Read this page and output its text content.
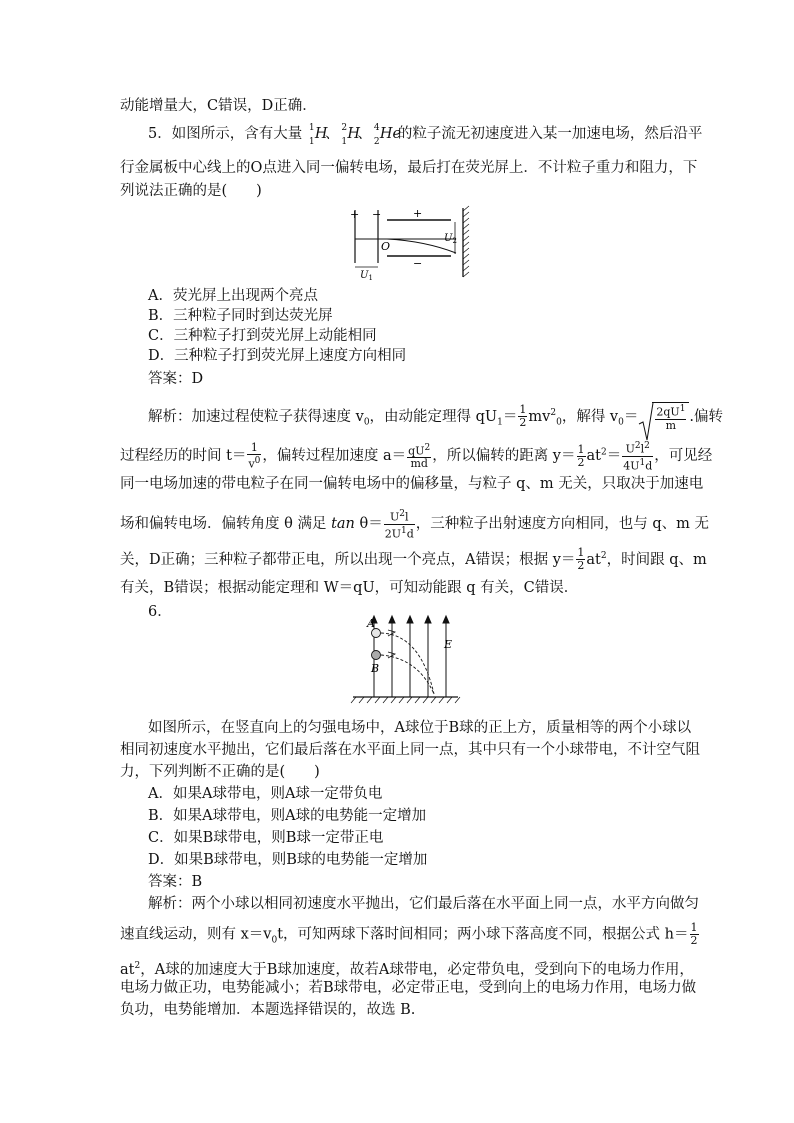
动能增量大，C错误，D正确．
5．如图所示，含有大量 1
1 H
、 2
1 H
、 4
2 He
的粒子流无初速度进入某一加速电场，然后沿平
行金属板中心线上的O点进入同一偏转电场，最后打在荧光屏上．不计粒子重力和阻力，下
列说法正确的是(　　)
+ −	+
−
O
$U_1$
$U_2$
A．荧光屏上出现两个亮点
B．三种粒子同时到达荧光屏
C．三种粒子打到荧光屏上动能相同
D．三种粒子打到荧光屏上速度方向相同
答案：D
解析：加速过程使粒子获得速度 $v_0$，由动能定理得 $qU_1= \frac{1}{2} mv^2_0$，解得 $v_0= \frac{2qU^1}{m}$ .偏转
过程经历的时间 $t= \frac{1}{v^0}$ ，偏转过程加速度 $a= \frac{qU^2}{md}$ ，所以偏转的距离 $y= \frac{1}{2} at^2= \frac{U^2l^2}{4U^1d}$ ，可见经
同一电场加速的带电粒子在同一偏转电场中的偏移量，与粒子 q、m 无关，只取决于加速电
场和偏转电场．偏转角度 θ 满足 $\tan \theta= \frac{U^2l}{2U^1d}$ ，三种粒子出射速度方向相同，也与 q、m 无
关，D正确；三种粒子都带正电，所以出现一个亮点，A错误；根据 $y= \frac{1}{2} at^2$，时间跟 q、m
有关，B错误；根据动能定理和 W＝qU，可知动能跟 q 有关，C错误．
6．
A
B
E
如图所示，在竖直向上的匀强电场中，A球位于B球的正上方，质量相等的两个小球以
相同初速度水平抛出，它们最后落在水平面上同一点，其中只有一个小球带电，不计空气阻
力，下列判断不正确的是(　　)
A．如果A球带电，则A球一定带负电
B．如果A球带电，则A球的电势能一定增加
C．如果B球带电，则B球一定带正电
D．如果B球带电，则B球的电势能一定增加
答案：B
解析：两个小球以相同初速度水平抛出，它们最后落在水平面上同一点，水平方向做匀
速直线运动，则有 $x=v_0t$，可知两球下落时间相同；两小球下落高度不同，根据公式 $h= \frac{1}{2}$
$at^2$，A球的加速度大于B球加速度，故若A球带电，必定带负电，受到向下的电场力作用，
电场力做正功，电势能减小；若B球带电，必定带正电，受到向上的电场力作用，电场力做
负功，电势能增加．本题选择错误的，故选 B.
